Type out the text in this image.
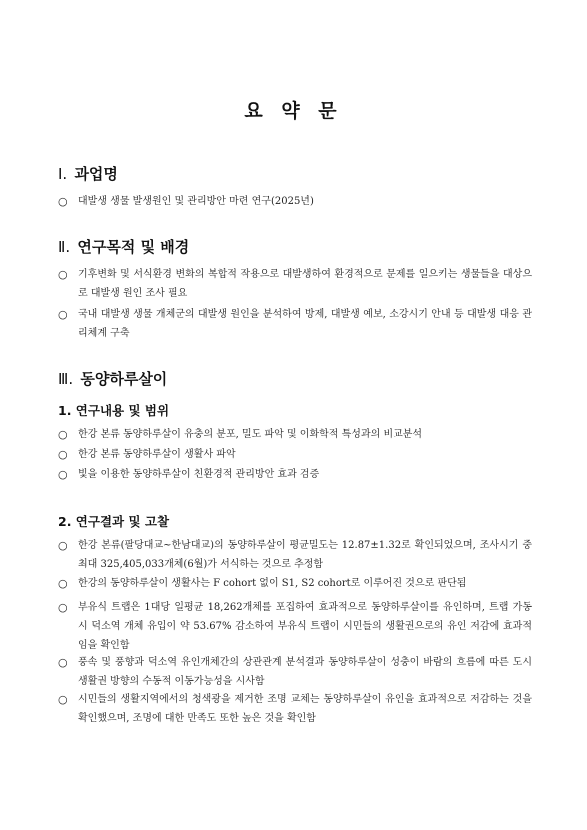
요 약 문
Ⅰ. 과업명
○ 대발생 생물 발생원인 및 관리방안 마련 연구(2025년)
Ⅱ. 연구목적 및 배경
○ 기후변화 및 서식환경 변화의 복합적 작용으로 대발생하여 환경적으로 문제를 일으키는 생물들을 대상으로 대발생 원인 조사 필요
○ 국내 대발생 생물 개체군의 대발생 원인을 분석하여 방제, 대발생 예보, 소강시기 안내 등 대발생 대응 관리체계 구축
Ⅲ. 동양하루살이
1. 연구내용 및 범위
○ 한강 본류 동양하루살이 유충의 분포, 밀도 파악 및 이화학적 특성과의 비교분석
○ 한강 본류 동양하루살이 생활사 파악
○ 빛을 이용한 동양하루살이 친환경적 관리방안 효과 검증
2. 연구결과 및 고찰
○ 한강 본류(팔당대교~한남대교)의 동양하루살이 평균밀도는 12.87±1.32로 확인되었으며, 조사시기 중 최대 325,405,033개체(6월)가 서식하는 것으로 추정함
○ 한강의 동양하루살이 생활사는 F cohort 없이 S1, S2 cohort로 이루어진 것으로 판단됨
○ 부유식 트랩은 1대당 일평균 18,262개체를 포집하여 효과적으로 동양하루살이를 유인하며, 트랩 가동 시 덕소역 개체 유입이 약 53.67% 감소하여 부유식 트랩이 시민들의 생활권으로의 유인 저감에 효과적임을 확인함
○ 풍속 및 풍향과 덕소역 유인개체간의 상관관계 분석결과 동양하루살이 성충이 바람의 흐름에 따른 도시 생활권 방향의 수동적 이동가능성을 시사함
○ 시민들의 생활지역에서의 청색광을 제거한 조명 교체는 동양하루살이 유인을 효과적으로 저감하는 것을 확인했으며, 조명에 대한 만족도 또한 높은 것을 확인함
